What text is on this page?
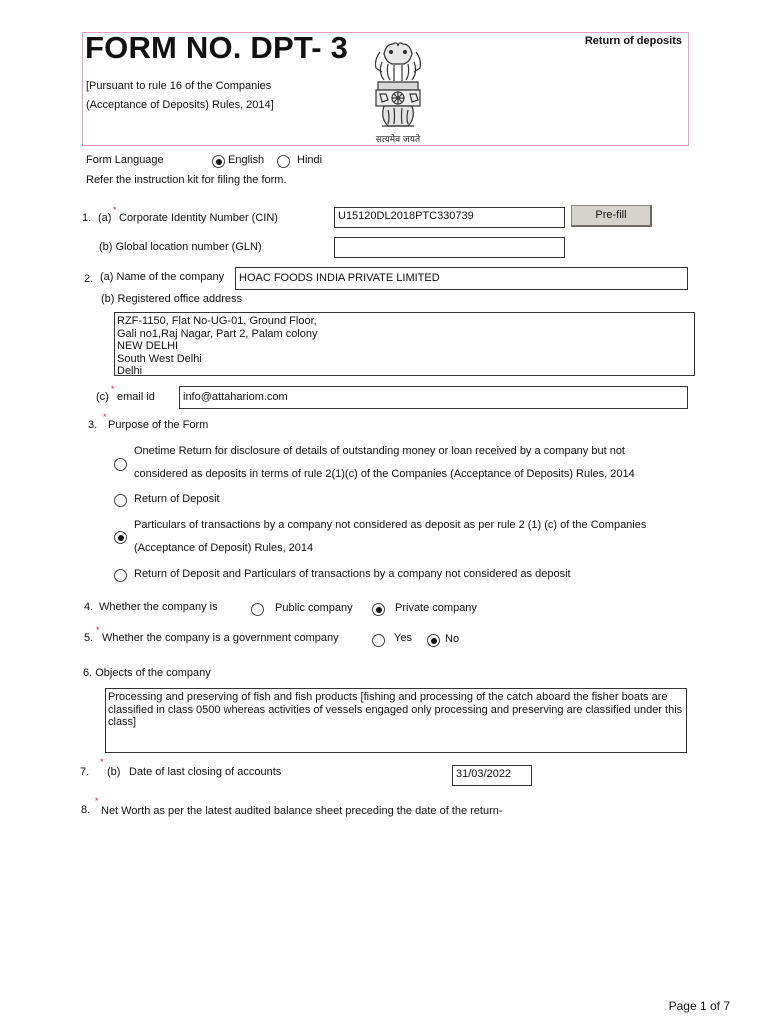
FORM NO. DPT- 3
[Pursuant to rule 16 of the Companies
(Acceptance of Deposits) Rules, 2014]
Return of deposits
सत्यमेव जयते
Form Language	English	Hindi
Refer the instruction kit for filing the form.
1. (a)
*
Corporate Identity Number (CIN)	U15120DL2018PTC330739	Pre-fill
(b) Global location number (GLN)
2. (a) Name of the company	HOAC FOODS INDIA PRIVATE LIMITED
(b) Registered office address
RZF-1150, Flat No-UG-01, Ground Floor,
Gali no1,Raj Nagar, Part 2, Palam colony
NEW DELHI
South West Delhi
Delhi
(c)
*
email id	info@attahariom.com
3.
*
Purpose of the Form
Onetime Return for disclosure of details of outstanding money or loan received by a company but not
considered as deposits in terms of rule 2(1)(c) of the Companies (Acceptance of Deposits) Rules, 2014
Return of Deposit
Particulars of transactions by a company not considered as deposit as per rule 2 (1) (c) of the Companies
(Acceptance of Deposit) Rules, 2014
Return of Deposit and Particulars of transactions by a company not considered as deposit
4. Whether the company is	Public company	Private company
5.
*
Whether the company is a government company	Yes	No
6. Objects of the company
Processing and preserving of fish and fish products [fishing and processing of the catch aboard the fisher boats are classified in class 0500 whereas activities of vessels engaged only processing and preserving are classified under this class]
7.
*
(b) Date of last closing of accounts	31/03/2022
8.
*
Net Worth as per the latest audited balance sheet preceding the date of the return-
Page 1 of 7
